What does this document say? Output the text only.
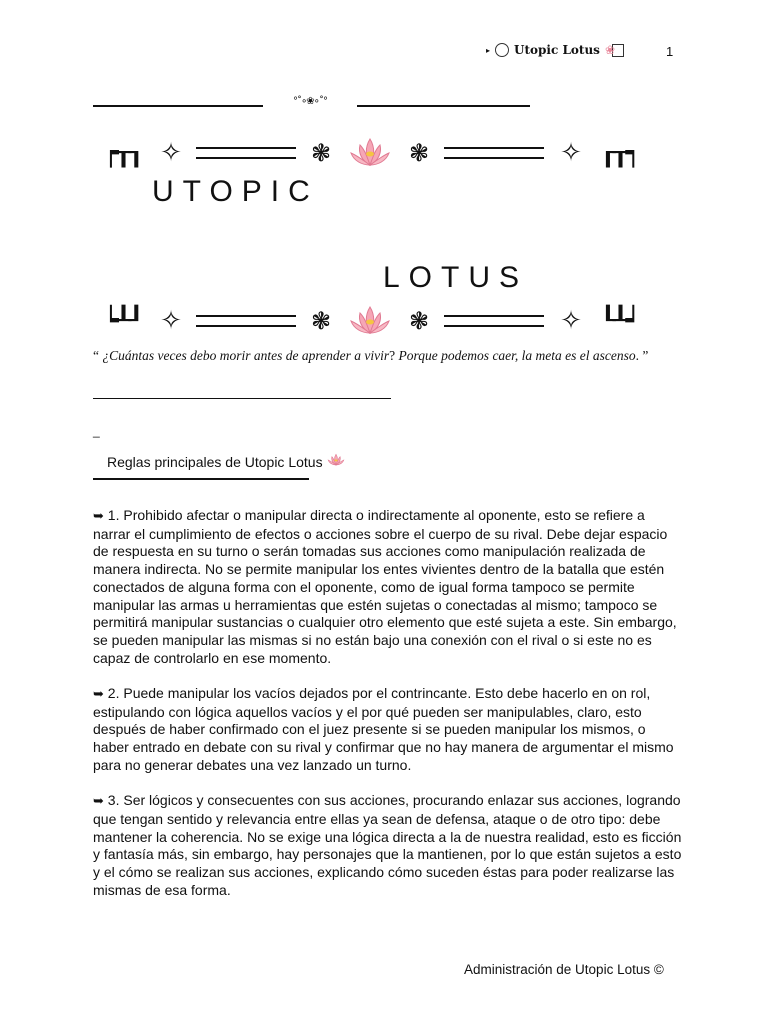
▸ Utopic Lotus ❀	1
°˚∘❀∘˚°
┍┰┒ ✧	❃	❃	✧ ┎┰┑
UTOPIC
LOTUS
┕┸┚ ✧	❃	❃	✧ ┖┸┙
“ ¿Cuántas veces debo morir antes de aprender a vivir? Porque podemos caer, la meta es el ascenso. ”
_
Reglas principales de Utopic Lotus

➥ 1. Prohibido afectar o manipular directa o indirectamente al oponente, esto se refiere a narrar el cumplimiento de efectos o acciones sobre el cuerpo de su rival. Debe dejar espacio de respuesta en su turno o serán tomadas sus acciones como manipulación realizada de manera indirecta. No se permite manipular los entes vivientes dentro de la batalla que estén conectados de alguna forma con el oponente, como de igual forma tampoco se permite manipular las armas u herramientas que estén sujetas o conectadas al mismo; tampoco se permitirá manipular sustancias o cualquier otro elemento que esté sujeta a este. Sin embargo, se pueden manipular las mismas si no están bajo una conexión con el rival o si este no es capaz de controlarlo en ese momento.

➥ 2. Puede manipular los vacíos dejados por el contrincante. Esto debe hacerlo en on rol, estipulando con lógica aquellos vacíos y el por qué pueden ser manipulables, claro, esto después de haber confirmado con el juez presente si se pueden manipular los mismos, o haber entrado en debate con su rival y confirmar que no hay manera de argumentar el mismo para no generar debates una vez lanzado un turno.

➥ 3. Ser lógicos y consecuentes con sus acciones, procurando enlazar sus acciones, logrando que tengan sentido y relevancia entre ellas ya sean de defensa, ataque o de otro tipo: debe mantener la coherencia. No se exige una lógica directa a la de nuestra realidad, esto es ficción y fantasía más, sin embargo, hay personajes que la mantienen, por lo que están sujetos a esto y el cómo se realizan sus acciones, explicando cómo suceden éstas para poder realizarse las mismas de esa forma.

Administración de Utopic Lotus ©
